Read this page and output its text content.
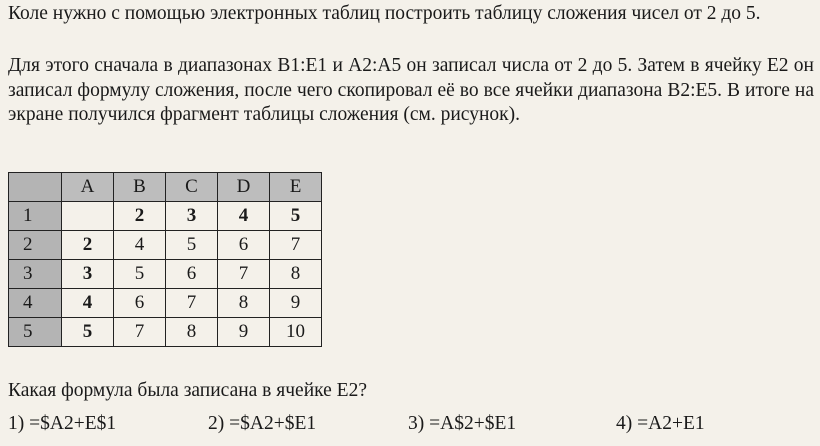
Коле нужно с помощью электронных таблиц построить таблицу сложения чисел от 2 до 5.

Для этого сначала в диапазонах B1:E1 и A2:A5 он записал числа от 2 до 5. Затем в ячейку E2 он записал формулу сложения, после чего скопировал её во все ячейки диапазона B2:E5. В итоге на экране получился фрагмент таблицы сложения (см. рисунок).

	A	B	C	D	E
1		2	3	4	5
2	2	4	5	6	7
3	3	5	6	7	8
4	4	6	7	8	9
5	5	7	8	9	10

Какая формула была записана в ячейке E2?

1) =$A2+E$1	2) =$A2+$E1	3) =A$2+$E1	4) =A2+E1
